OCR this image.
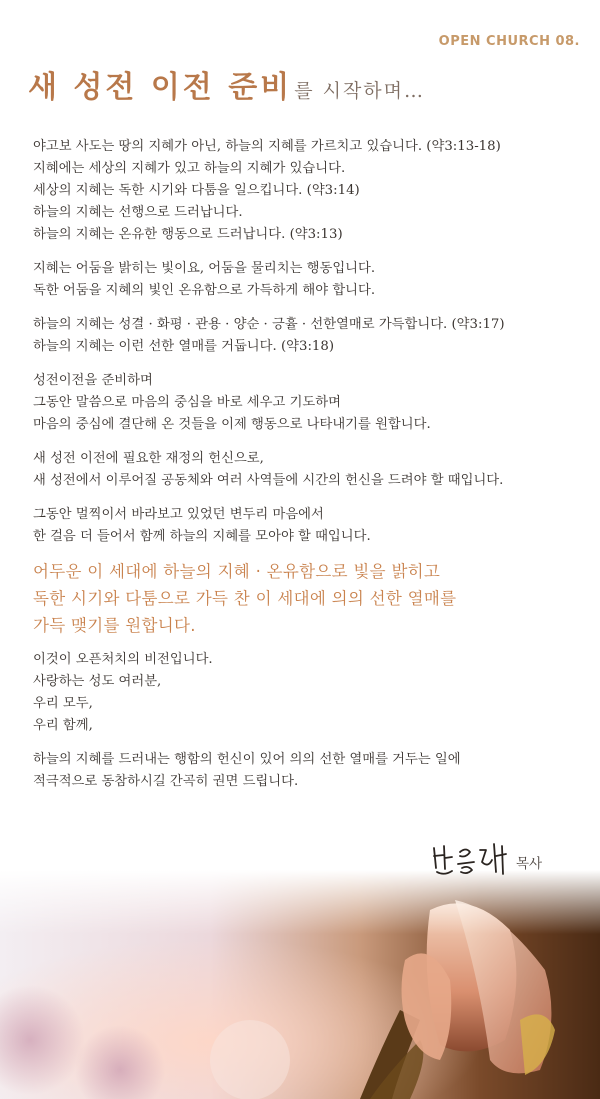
OPEN CHURCH 08.
새 성전 이전 준비 를 시작하며…

야고보 사도는 땅의 지혜가 아닌, 하늘의 지혜를 가르치고 있습니다. (약3:13-18)
지혜에는 세상의 지혜가 있고 하늘의 지혜가 있습니다.
세상의 지혜는 독한 시기와 다툼을 일으킵니다. (약3:14)
하늘의 지혜는 선행으로 드러납니다.
하늘의 지혜는 온유한 행동으로 드러납니다. (약3:13)

지혜는 어둠을 밝히는 빛이요, 어둠을 물리치는 행동입니다.
독한 어둠을 지혜의 빛인 온유함으로 가득하게 해야 합니다.

하늘의 지혜는 성결 · 화평 · 관용 · 양순 · 긍휼 · 선한열매로 가득합니다. (약3:17)
하늘의 지혜는 이런 선한 열매를 거둡니다. (약3:18)

성전이전을 준비하며
그동안 말씀으로 마음의 중심을 바로 세우고 기도하며
마음의 중심에 결단해 온 것들을 이제 행동으로 나타내기를 원합니다.

새 성전 이전에 필요한 재정의 헌신으로,
새 성전에서 이루어질 공동체와 여러 사역들에 시간의 헌신을 드려야 할 때입니다.

그동안 멀찍이서 바라보고 있었던 변두리 마음에서
한 걸음 더 들어서 함께 하늘의 지혜를 모아야 할 때입니다.

어두운 이 세대에 하늘의 지혜 · 온유함으로 빛을 밝히고
독한 시기와 다툼으로 가득 찬 이 세대에 의의 선한 열매를
가득 맺기를 원합니다.

이것이 오픈처치의 비전입니다.
사랑하는 성도 여러분,
우리 모두,
우리 함께,

하늘의 지혜를 드러내는 행함의 헌신이 있어 의의 선한 열매를 거두는 일에
적극적으로 동참하시길 간곡히 권면 드립니다.

목사
